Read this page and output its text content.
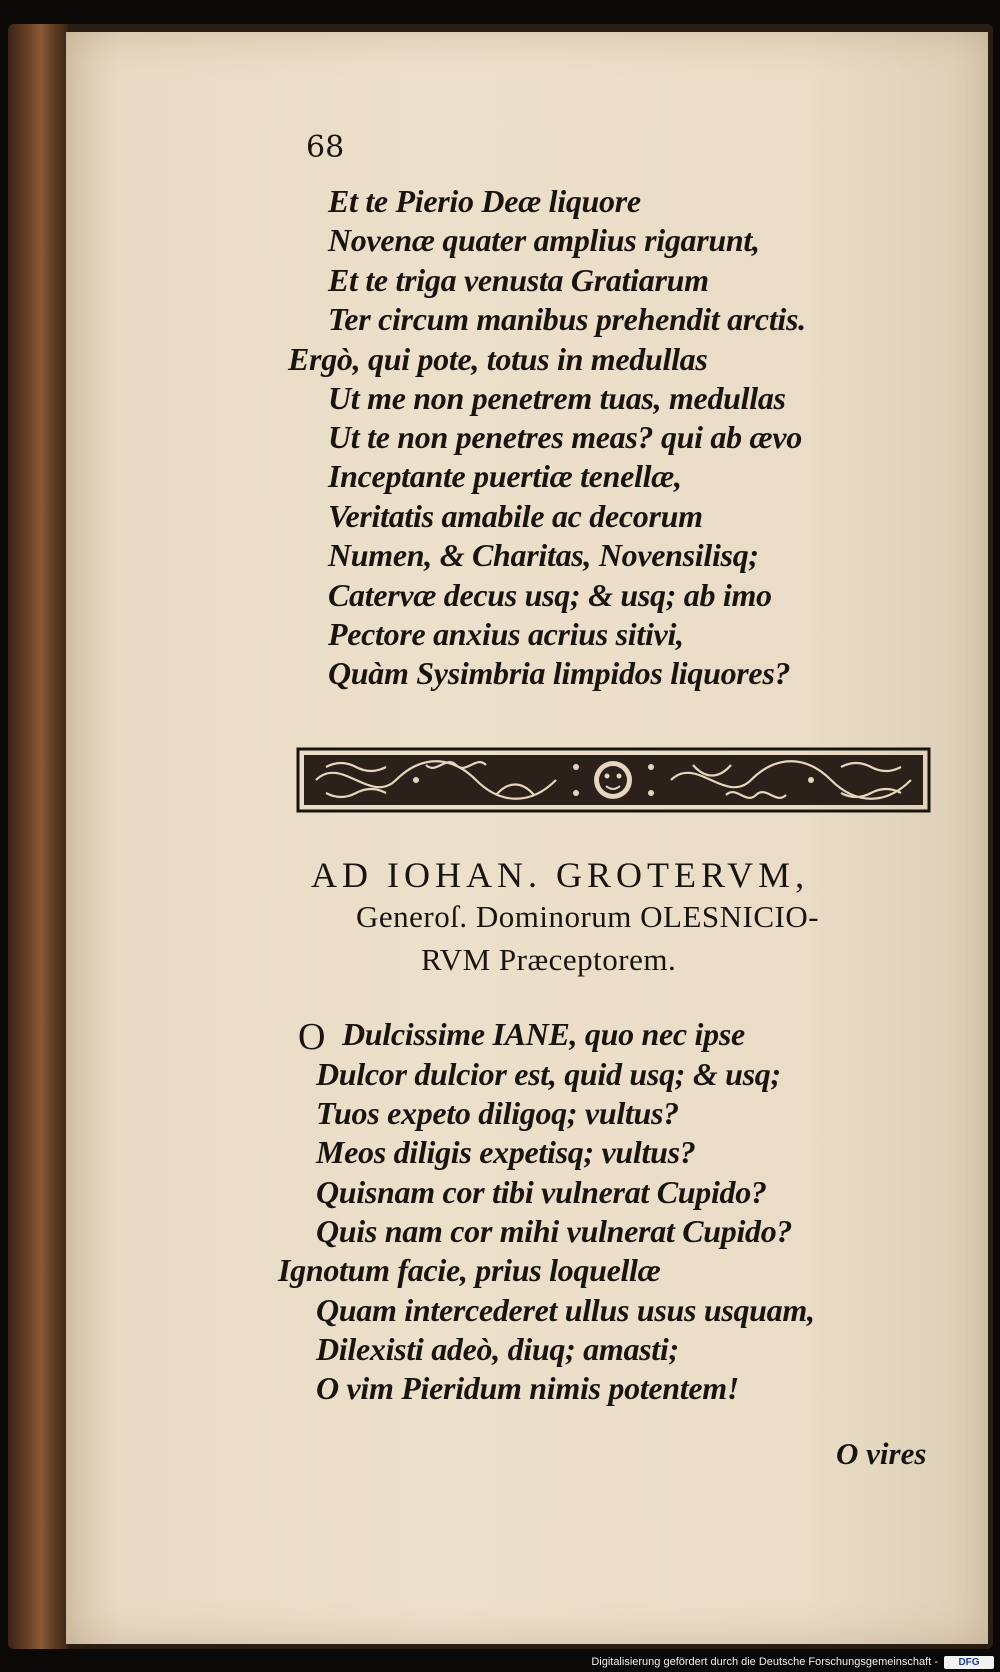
68
Et te Pierio Deæ liquore
Novenæ quater amplius rigarunt,
Et te triga venusta Gratiarum
Ter circum manibus prehendit arctis.
Ergò, qui pote, totus in medullas
Ut me non penetrem tuas, medullas
Ut te non penetres meas? qui ab ævo
Inceptante puertiæ tenellæ,
Veritatis amabile ac decorum
Numen, & Charitas, Novensilisq;
Catervæ decus usq; & usq; ab imo
Pectore anxius acrius sitivi,
Quàm Sysimbria limpidos liquores?
AD IOHAN. GROTERVM,
Generoſ. Dominorum OLESNICIO-
RVM Præceptorem.
O Dulcissime IANE, quo nec ipse
Dulcor dulcior est, quid usq; & usq;
Tuos expeto diligoq; vultus?
Meos diligis expetisq; vultus?
Quisnam cor tibi vulnerat Cupido?
Quis nam cor mihi vulnerat Cupido?
Ignotum facie, prius loquellæ
Quam intercederet ullus usus usquam,
Dilexisti adeò, diuq; amasti;
O vim Pieridum nimis potentem!
O vires
Digitalisierung gefördert durch die Deutsche Forschungsgemeinschaft -	DFG
